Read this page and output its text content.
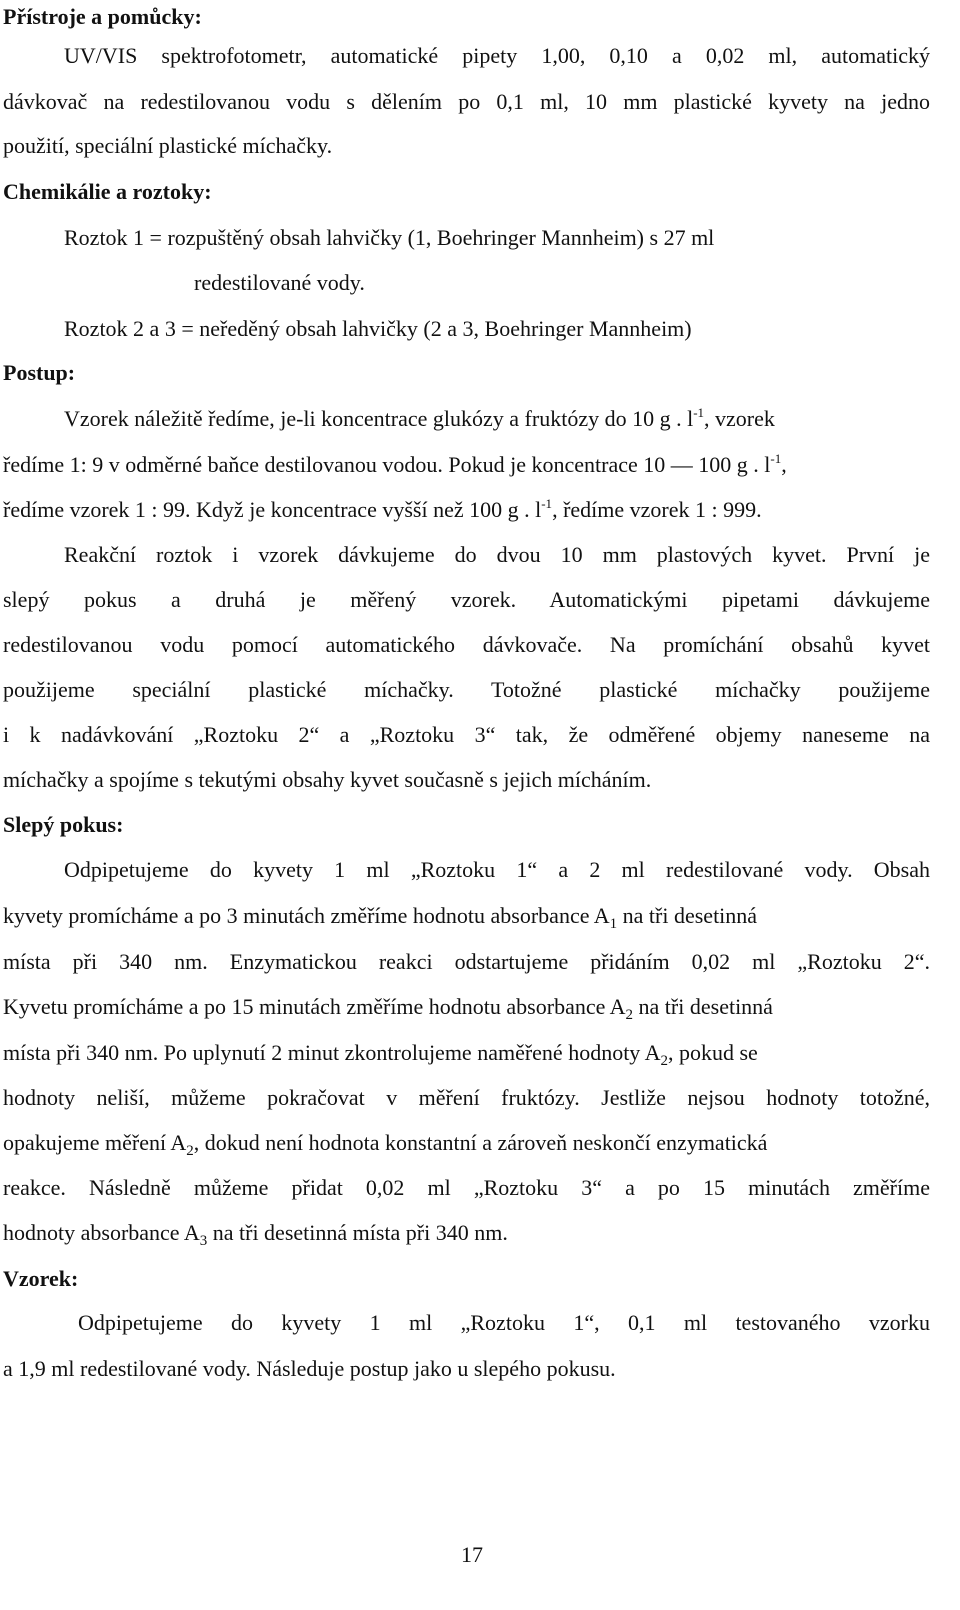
Přístroje a pomůcky:
UV/VIS spektrofotometr, automatické pipety 1,00, 0,10 a 0,02 ml, automatický
dávkovač na redestilovanou vodu s dělením po 0,1 ml, 10 mm plastické kyvety na jedno
použití, speciální plastické míchačky.
Chemikálie a roztoky:
Roztok 1 = rozpuštěný obsah lahvičky (1, Boehringer Mannheim) s 27 ml
redestilované vody.
Roztok 2 a 3 = neředěný obsah lahvičky (2 a 3, Boehringer Mannheim)
Postup:
Vzorek náležitě ředíme, je-li koncentrace glukózy a fruktózy do 10 g . $l^{-1}$, vzorek
ředíme 1: 9 v odměrné baňce destilovanou vodou. Pokud je koncentrace 10 — 100 g . $l^{-1}$,
ředíme vzorek 1 : 99. Když je koncentrace vyšší než 100 g . $l^{-1}$, ředíme vzorek 1 : 999.
Reakční roztok i vzorek dávkujeme do dvou 10 mm plastových kyvet. První je
slepý pokus a druhá je měřený vzorek. Automatickými pipetami dávkujeme
redestilovanou vodu pomocí automatického dávkovače. Na promíchání obsahů kyvet
použijeme speciální plastické míchačky. Totožné plastické míchačky použijeme
i k nadávkování „Roztoku 2“ a „Roztoku 3“ tak, že odměřené objemy naneseme na
míchačky a spojíme s tekutými obsahy kyvet současně s jejich mícháním.
Slepý pokus:
Odpipetujeme do kyvety 1 ml „Roztoku 1“ a 2 ml redestilované vody. Obsah
kyvety promícháme a po 3 minutách změříme hodnotu absorbance $A_1$ na tři desetinná
místa při 340 nm. Enzymatickou reakci odstartujeme přidáním 0,02 ml „Roztoku 2“.
Kyvetu promícháme a po 15 minutách změříme hodnotu absorbance $A_2$ na tři desetinná
místa při 340 nm. Po uplynutí 2 minut zkontrolujeme naměřené hodnoty $A_2$, pokud se
hodnoty neliší, můžeme pokračovat v měření fruktózy. Jestliže nejsou hodnoty totožné,
opakujeme měření $A_2$, dokud není hodnota konstantní a zároveň neskončí enzymatická
reakce. Následně můžeme přidat 0,02 ml „Roztoku 3“ a po 15 minutách změříme
hodnoty absorbance $A_3$ na tři desetinná místa při 340 nm.
Vzorek:
Odpipetujeme do kyvety 1 ml „Roztoku 1“, 0,1 ml testovaného vzorku
a 1,9 ml redestilované vody. Následuje postup jako u slepého pokusu.
17
